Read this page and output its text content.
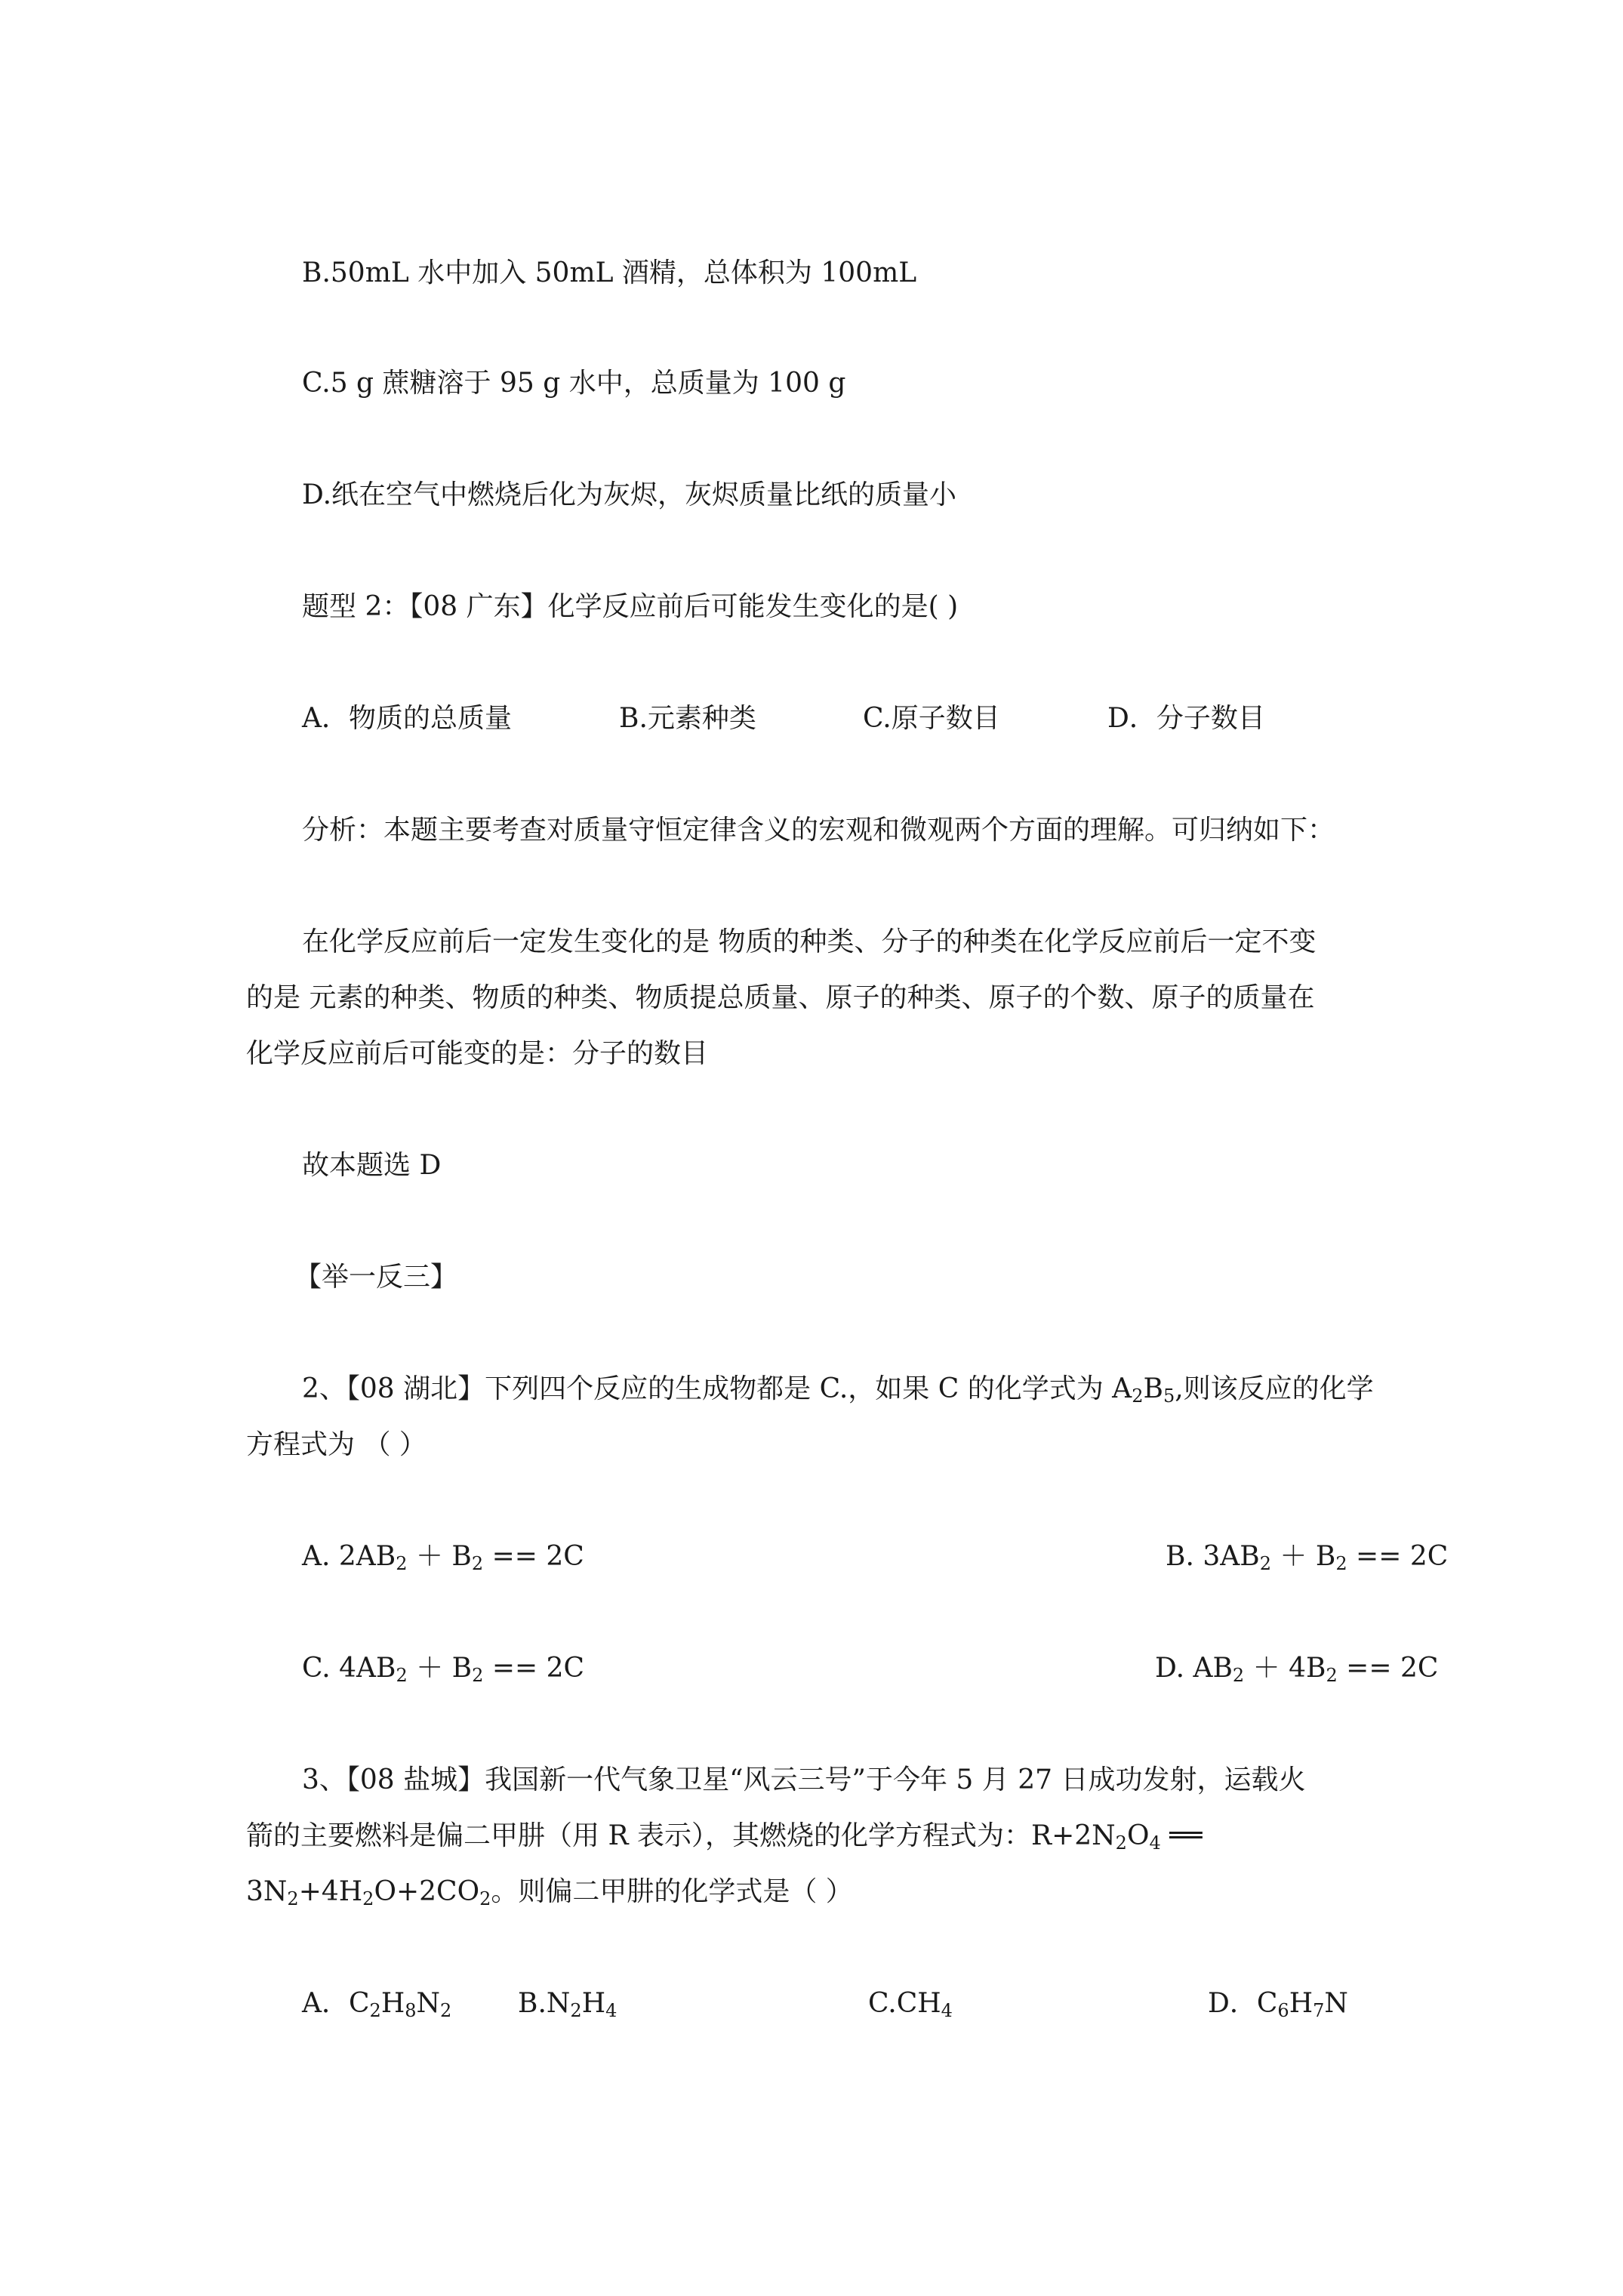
B.50mL 水中加入 50mL 酒精，总体积为 100mL
C.5 g 蔗糖溶于 95 g 水中，总质量为 100 g
D.纸在空气中燃烧后化为灰烬，灰烬质量比纸的质量小
题型 2：【08 广东】化学反应前后可能发生变化的是( )
A．物质的总质量	B.元素种类	C.原子数目	D．分子数目
分析：本题主要考查对质量守恒定律含义的宏观和微观两个方面的理解。可归纳如下：
在化学反应前后一定发生变化的是 物质的种类、分子的种类在化学反应前后一定不变
的是 元素的种类、物质的种类、物质提总质量、原子的种类、原子的个数、原子的质量在
化学反应前后可能变的是：分子的数目
故本题选 D
【举一反三】
2、【08 湖北】下列四个反应的生成物都是 C.，如果 C 的化学式为 $A_2B_5$,则该反应的化学
方程式为 （ ）
A. $2AB_2 + B_2 == 2C$	B. $3AB_2 + B_2 == 2C$
C. $4AB_2 + B_2 == 2C$	D. $AB_2 + 4B_2 == 2C$
3、【08 盐城】我国新一代气象卫星“风云三号”于今年 5 月 27 日成功发射，运载火
箭的主要燃料是偏二甲肼（用 R 表示），其燃烧的化学方程式为：$R+2N_2O_4$ ══
$3N_2+4H_2O+2CO_2$。则偏二甲肼的化学式是（ ）
A．$C_2H_8N_2$ $B.N_2H_4$	$C.CH_4$	D．$C_6H_7N$
